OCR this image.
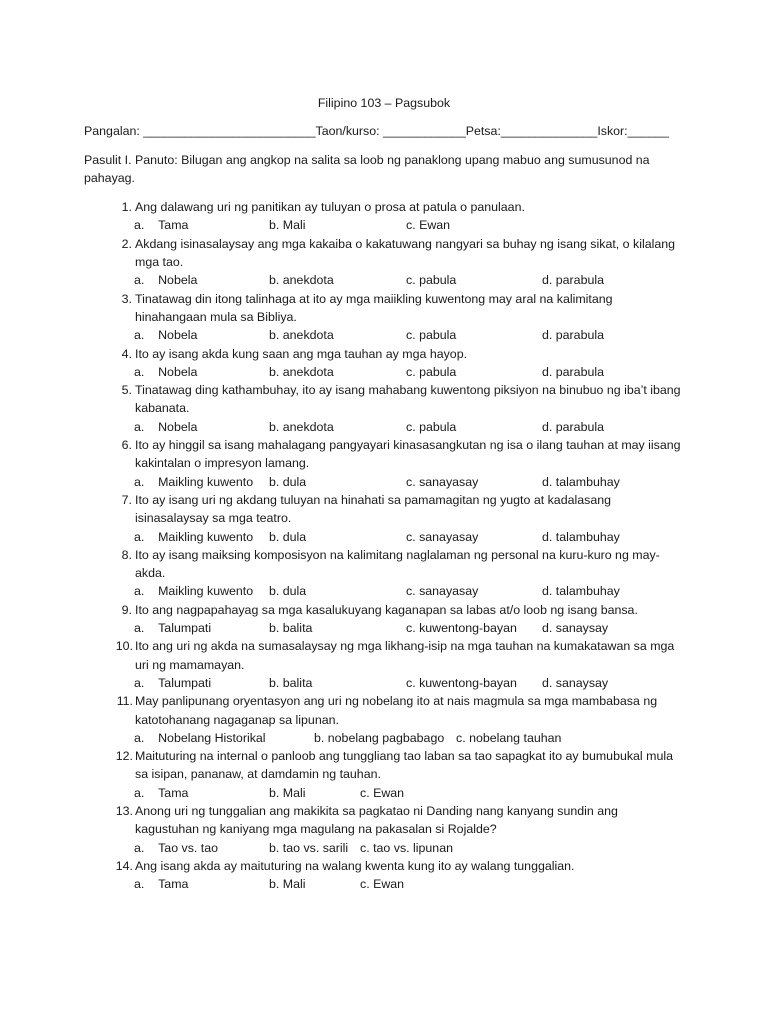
Filipino 103 – Pagsubok
Pangalan: _________________________Taon/kurso: ____________Petsa:______________Iskor:______
Pasulit I. Panuto: Bilugan ang angkop na salita sa loob ng panaklong upang mabuo ang sumusunod na pahayag.
1. Ang dalawang uri ng panitikan ay tuluyan o prosa at patula o panulaan.
a.    Tama	b. Mali	c. Ewan
2. Akdang isinasalaysay ang mga kakaiba o kakatuwang nangyari sa buhay ng isang sikat, o kilalang mga tao.
a.    Nobela	b. anekdota	c. pabula	d. parabula
3. Tinatawag din itong talinhaga at ito ay mga maiikling kuwentong may aral na kalimitang hinahangaan mula sa Bibliya.
a.    Nobela	b. anekdota	c. pabula	d. parabula
4. Ito ay isang akda kung saan ang mga tauhan ay mga hayop.
a.    Nobela	b. anekdota	c. pabula	d. parabula
5. Tinatawag ding kathambuhay, ito ay isang mahabang kuwentong piksiyon na binubuo ng iba’t ibang kabanata.
a.    Nobela	b. anekdota	c. pabula	d. parabula
6. Ito ay hinggil sa isang mahalagang pangyayari kinasasangkutan ng isa o ilang tauhan at may iisang kakintalan o impresyon lamang.
a.    Maikling kuwento b. dula	c. sanayasay	d. talambuhay
7. Ito ay isang uri ng akdang tuluyan na hinahati sa pamamagitan ng yugto at kadalasang isinasalaysay sa mga teatro.
a.    Maikling kuwento b. dula	c. sanayasay	d. talambuhay
8. Ito ay isang maiksing komposisyon na kalimitang naglalaman ng personal na kuru-kuro ng may-akda.
a.    Maikling kuwento b. dula	c. sanayasay	d. talambuhay
9. Ito ang nagpapahayag sa mga kasalukuyang kaganapan sa labas at/o loob ng isang bansa.
a.    Talumpati	b. balita	c. kuwentong-bayan d. sanaysay
10. Ito ang uri ng akda na sumasalaysay ng mga likhang-isip na mga tauhan na kumakatawan sa mga uri ng mamamayan.
a.    Talumpati	b. balita	c. kuwentong-bayan d. sanaysay
11. May panlipunang oryentasyon ang uri ng nobelang ito at nais magmula sa mga mambabasa ng katotohanang nagaganap sa lipunan.
a.    Nobelang Historikal	b. nobelang pagbabago c. nobelang tauhan
12. Maituturing na internal o panloob ang tunggliang tao laban sa tao sapagkat ito ay bumubukal mula sa isipan, pananaw, at damdamin ng tauhan.
a.    Tama	b. Mali	c. Ewan
13. Anong uri ng tunggalian ang makikita sa pagkatao ni Danding nang kanyang sundin ang kagustuhan ng kaniyang mga magulang na pakasalan si Rojalde?
a.    Tao vs. tao	b. tao vs. sarili c. tao vs. lipunan
14. Ang isang akda ay maituturing na walang kwenta kung ito ay walang tunggalian.
a.    Tama	b. Mali	c. Ewan
